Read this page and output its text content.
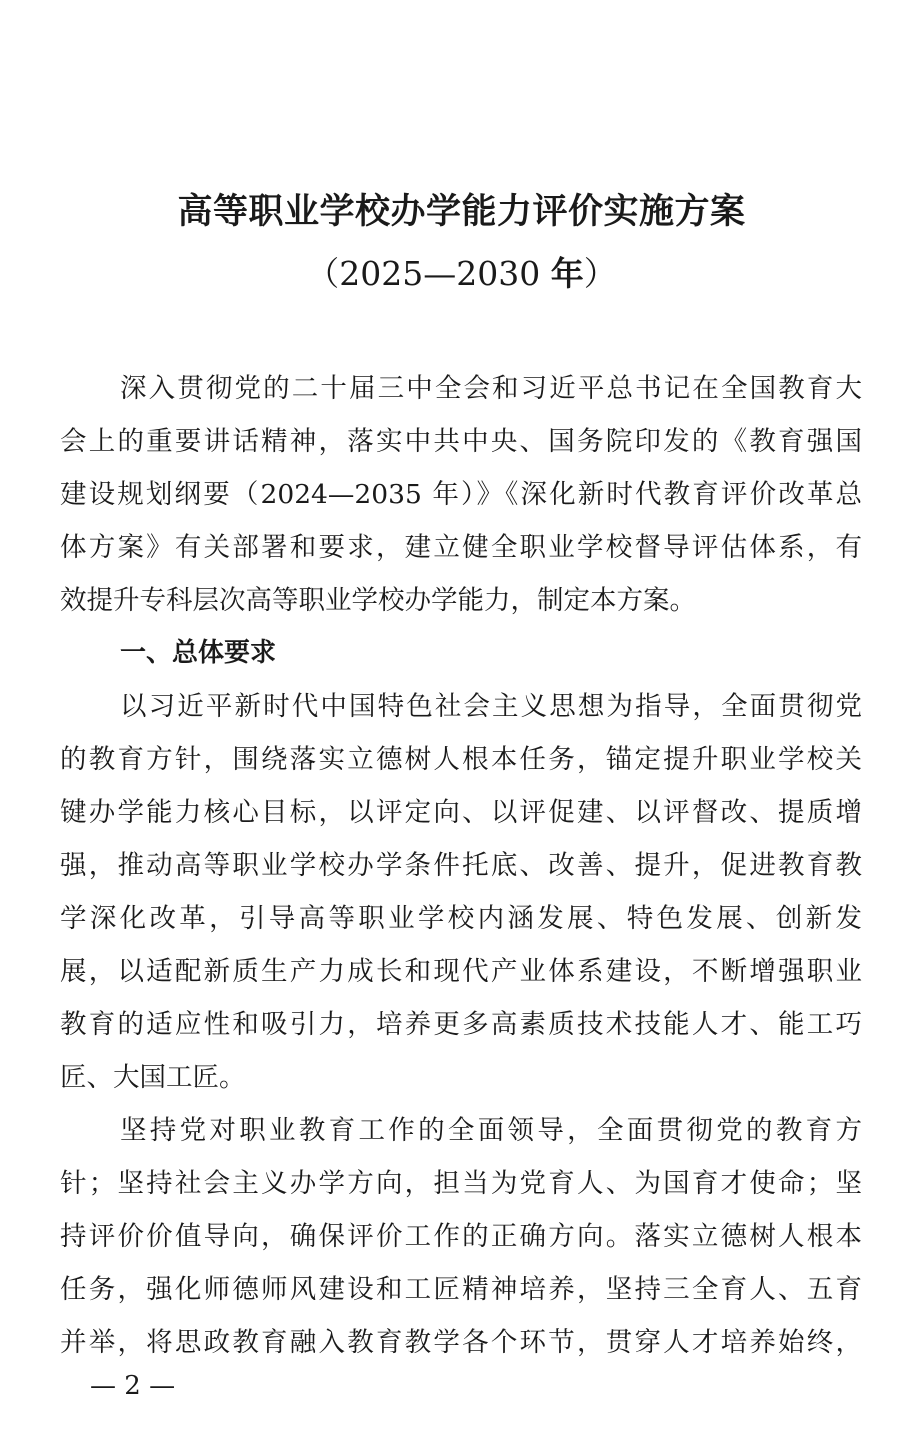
高等职业学校办学能力评价实施方案
（2025—2030 年）
深入贯彻党的二十届三中全会和习近平总书记在全国教育大
会上的重要讲话精神，落实中共中央、国务院印发的《教育强国
建设规划纲要（2024—2035 年）》《深化新时代教育评价改革总
体方案》有关部署和要求，建立健全职业学校督导评估体系，有
效提升专科层次高等职业学校办学能力，制定本方案。
一、总体要求
以习近平新时代中国特色社会主义思想为指导，全面贯彻党
的教育方针，围绕落实立德树人根本任务，锚定提升职业学校关
键办学能力核心目标，以评定向、以评促建、以评督改、提质增
强，推动高等职业学校办学条件托底、改善、提升，促进教育教
学深化改革，引导高等职业学校内涵发展、特色发展、创新发
展，以适配新质生产力成长和现代产业体系建设，不断增强职业
教育的适应性和吸引力，培养更多高素质技术技能人才、能工巧
匠、大国工匠。
坚持党对职业教育工作的全面领导，全面贯彻党的教育方
针；坚持社会主义办学方向，担当为党育人、为国育才使命；坚
持评价价值导向，确保评价工作的正确方向。落实立德树人根本
任务，强化师德师风建设和工匠精神培养，坚持三全育人、五育
并举，将思政教育融入教育教学各个环节，贯穿人才培养始终，
— 2 —
